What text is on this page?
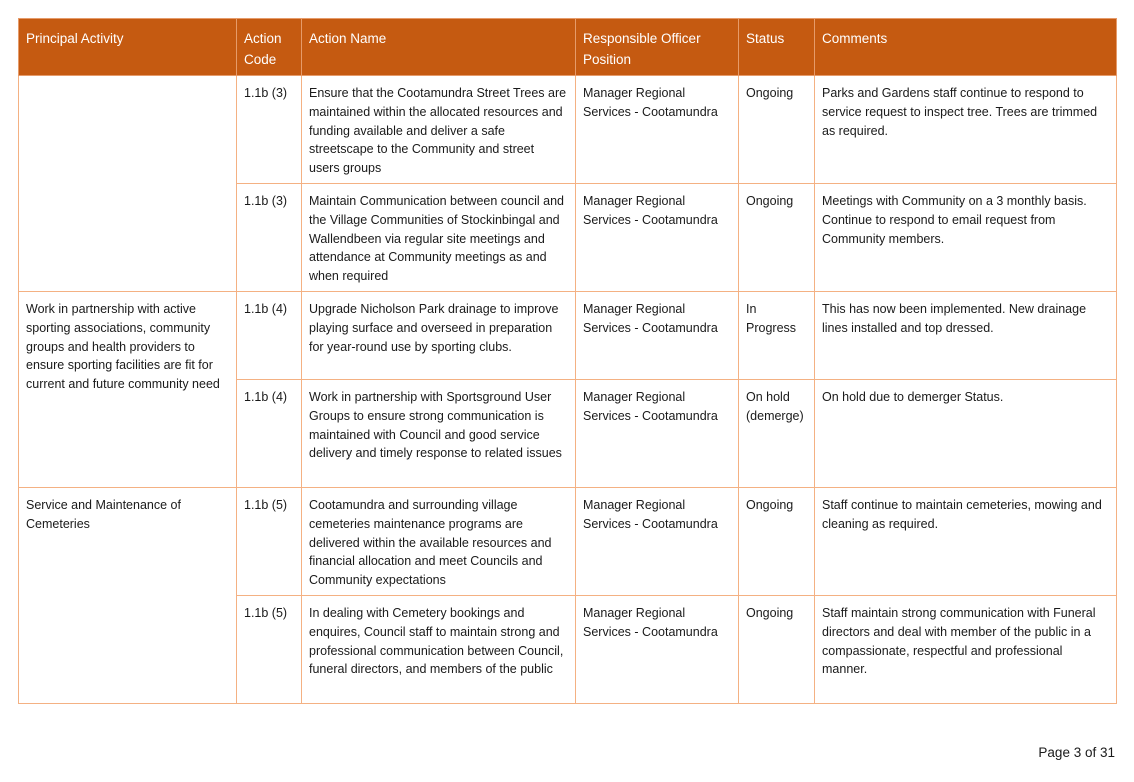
Principal Activity	Action Code	Action Name	Responsible Officer Position	Status	Comments
	1.1b (3)	Ensure that the Cootamundra Street Trees are maintained within the allocated resources and funding available and deliver a safe streetscape to the Community and street users groups	Manager Regional Services - Cootamundra	Ongoing	Parks and Gardens staff continue to respond to service request to inspect tree. Trees are trimmed as required.
	1.1b (3)	Maintain Communication between council and the Village Communities of Stockinbingal and Wallendbeen via regular site meetings and attendance at Community meetings as and when required	Manager Regional Services - Cootamundra	Ongoing	Meetings with Community on a 3 monthly basis. Continue to respond to email request from Community members.
Work in partnership with active sporting associations, community groups and health providers to ensure sporting facilities are fit for current and future community need	1.1b (4)	Upgrade Nicholson Park drainage to improve playing surface and overseed in preparation for year-round use by sporting clubs.	Manager Regional Services - Cootamundra	In Progress	This has now been implemented. New drainage lines installed and top dressed.
	1.1b (4)	Work in partnership with Sportsground User Groups to ensure strong communication is maintained with Council and good service delivery and timely response to related issues	Manager Regional Services - Cootamundra	On hold (demerge)	On hold due to demerger Status.
Service and Maintenance of Cemeteries	1.1b (5)	Cootamundra and surrounding village cemeteries maintenance programs are delivered within the available resources and financial allocation and meet Councils and Community expectations	Manager Regional Services - Cootamundra	Ongoing	Staff continue to maintain cemeteries, mowing and cleaning as required.
	1.1b (5)	In dealing with Cemetery bookings and enquires, Council staff to maintain strong and professional communication between Council, funeral directors, and members of the public	Manager Regional Services - Cootamundra	Ongoing	Staff maintain strong communication with Funeral directors and deal with member of the public in a compassionate, respectful and professional manner.
Page 3 of 31
